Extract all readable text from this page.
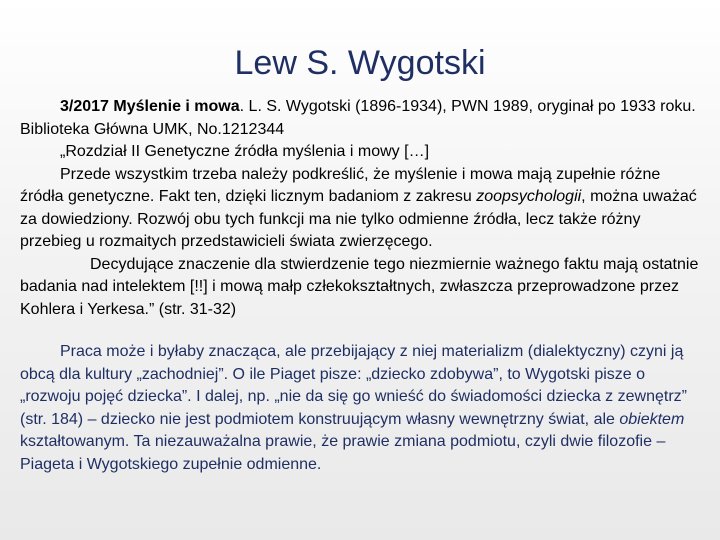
Lew S. Wygotski

3/2017 Myślenie i mowa. L. S. Wygotski (1896-1934), PWN 1989, oryginał po 1933 roku. Biblioteka Główna UMK, No.1212344

„Rozdział II Genetyczne źródła myślenia i mowy […]

Przede wszystkim trzeba należy podkreślić, że myślenie i mowa mają zupełnie różne źródła genetyczne. Fakt ten, dzięki licznym badaniom z zakresu zoopsychologii, można uważać za dowiedziony. Rozwój obu tych funkcji ma nie tylko odmienne źródła, lecz także różny przebieg u rozmaitych przedstawicieli świata zwierzęcego.

Decydujące znaczenie dla stwierdzenie tego niezmiernie ważnego faktu mają ostatnie badania nad intelektem [!!] i mową małp człekokształtnych, zwłaszcza przeprowadzone przez Kohlera i Yerkesa.” (str. 31-32)

Praca może i byłaby znacząca, ale przebijający z niej materializm (dialektyczny) czyni ją obcą dla kultury „zachodniej”. O ile Piaget pisze: „dziecko zdobywa”, to Wygotski pisze o „rozwoju pojęć dziecka”. I dalej, np. „nie da się go wnieść do świadomości dziecka z zewnętrz” (str. 184) – dziecko nie jest podmiotem konstruującym własny wewnętrzny świat, ale obiektem kształtowanym. Ta niezauważalna prawie, że prawie zmiana podmiotu, czyli dwie filozofie – Piageta i Wygotskiego zupełnie odmienne.
